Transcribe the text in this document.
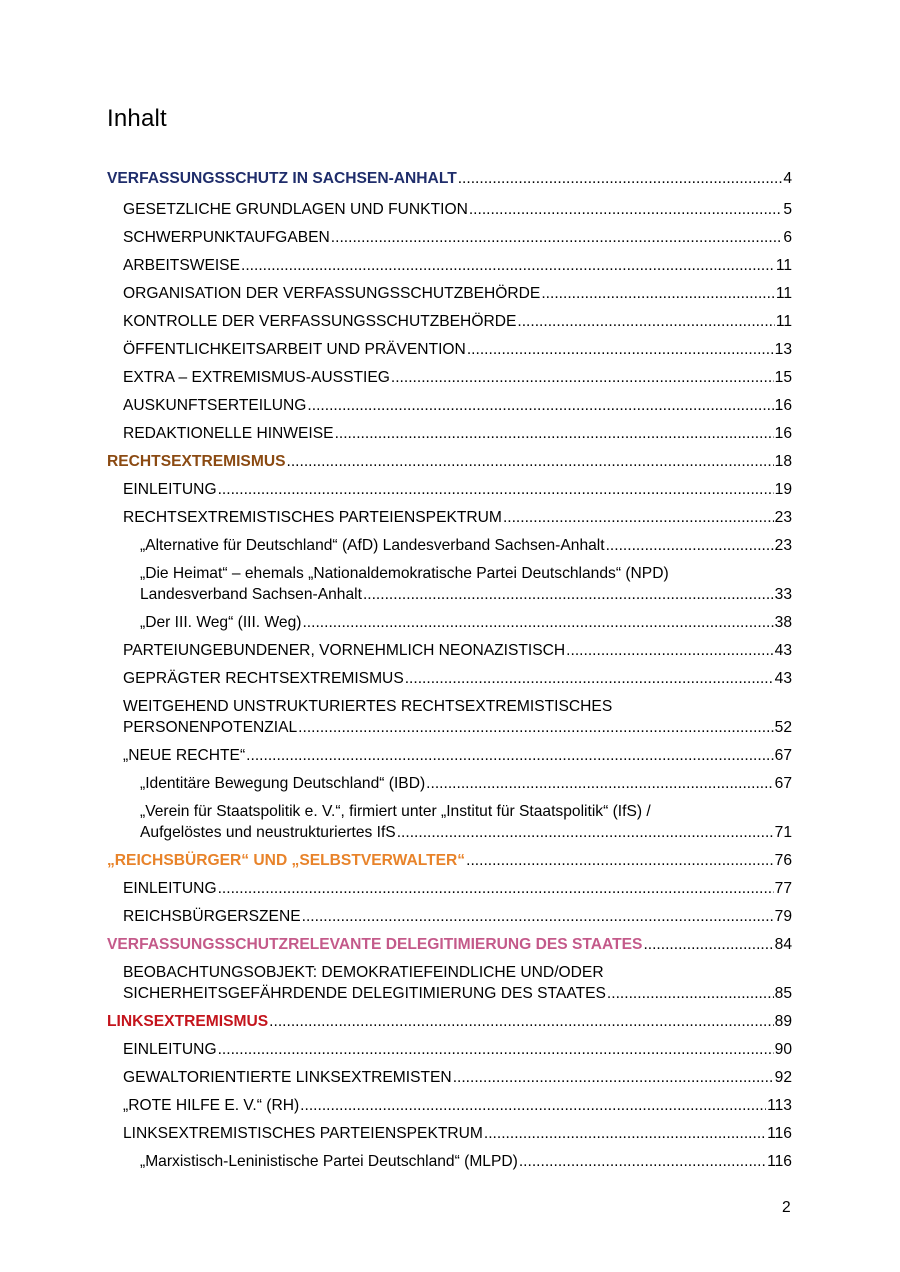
Inhalt
VERFASSUNGSSCHUTZ IN SACHSEN-ANHALT .....	4
GESETZLICHE GRUNDLAGEN UND FUNKTION .....	5
SCHWERPUNKTAUFGABEN .....	6
ARBEITSWEISE .....	11
ORGANISATION DER VERFASSUNGSSCHUTZBEHÖRDE .....	11
KONTROLLE DER VERFASSUNGSSCHUTZBEHÖRDE .....	11
ÖFFENTLICHKEITSARBEIT UND PRÄVENTION .....	13
EXTRA – EXTREMISMUS-AUSSTIEG .....	15
AUSKUNFTSERTEILUNG .....	16
REDAKTIONELLE HINWEISE .....	16
RECHTSEXTREMISMUS .....	18
EINLEITUNG .....	19
RECHTSEXTREMISTISCHES PARTEIENSPEKTRUM .....	23
„Alternative für Deutschland“ (AfD) Landesverband Sachsen-Anhalt .....	23
„Die Heimat“ – ehemals „Nationaldemokratische Partei Deutschlands“ (NPD)
Landesverband Sachsen-Anhalt .....	33
„Der III. Weg“ (III. Weg) .....	38
PARTEIUNGEBUNDENER, VORNEHMLICH NEONAZISTISCH .....	43
GEPRÄGTER RECHTSEXTREMISMUS .....	43
WEITGEHEND UNSTRUKTURIERTES RECHTSEXTREMISTISCHES
PERSONENPOTENZIAL .....	52
„NEUE RECHTE“ .....	67
„Identitäre Bewegung Deutschland“ (IBD) .....	67
„Verein für Staatspolitik e. V.“, firmiert unter „Institut für Staatspolitik“ (IfS) /
Aufgelöstes und neustrukturiertes IfS .....	71
„REICHSBÜRGER“ UND „SELBSTVERWALTER“ .....	76
EINLEITUNG .....	77
REICHSBÜRGERSZENE .....	79
VERFASSUNGSSCHUTZRELEVANTE DELEGITIMIERUNG DES STAATES .....	84
BEOBACHTUNGSOBJEKT: DEMOKRATIEFEINDLICHE UND/ODER
SICHERHEITSGEFÄHRDENDE DELEGITIMIERUNG DES STAATES .....	85
LINKSEXTREMISMUS .....	89
EINLEITUNG .....	90
GEWALTORIENTIERTE LINKSEXTREMISTEN .....	92
„ROTE HILFE E. V.“ (RH) .....	113
LINKSEXTREMISTISCHES PARTEIENSPEKTRUM .....	116
„Marxistisch-Leninistische Partei Deutschland“ (MLPD) .....	116
2
